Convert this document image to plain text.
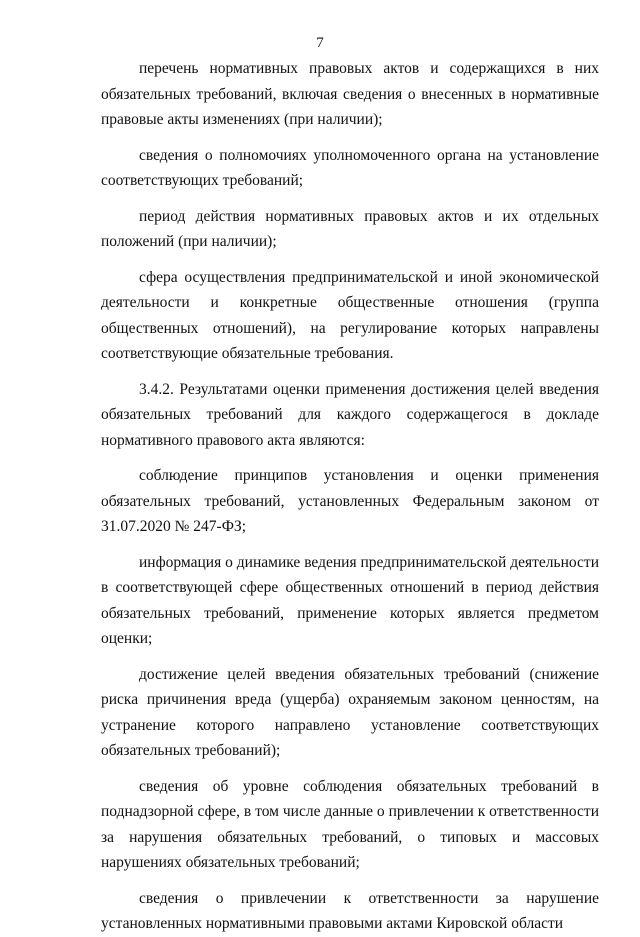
7

перечень нормативных правовых актов и содержащихся в них обязательных требований, включая сведения о внесенных в нормативные правовые акты изменениях (при наличии);

сведения о полномочиях уполномоченного органа на установление соответствующих требований;

период действия нормативных правовых актов и их отдельных положений (при наличии);

сфера осуществления предпринимательской и иной экономической деятельности и конкретные общественные отношения (группа общественных отношений), на регулирование которых направлены соответствующие обязательные требования.

3.4.2. Результатами оценки применения достижения целей введения обязательных требований для каждого содержащегося в докладе нормативного правового акта являются:

соблюдение принципов установления и оценки применения обязательных требований, установленных Федеральным законом от 31.07.2020 № 247-ФЗ;

информация о динамике ведения предпринимательской деятельности в соответствующей сфере общественных отношений в период действия обязательных требований, применение которых является предметом оценки;

достижение целей введения обязательных требований (снижение риска причинения вреда (ущерба) охраняемым законом ценностям, на устранение которого направлено установление соответствующих обязательных требований);

сведения об уровне соблюдения обязательных требований в поднадзорной сфере, в том числе данные о привлечении к ответственности за нарушения обязательных требований, о типовых и массовых нарушениях обязательных требований;

сведения о привлечении к ответственности за нарушение установленных нормативными правовыми актами Кировской области
